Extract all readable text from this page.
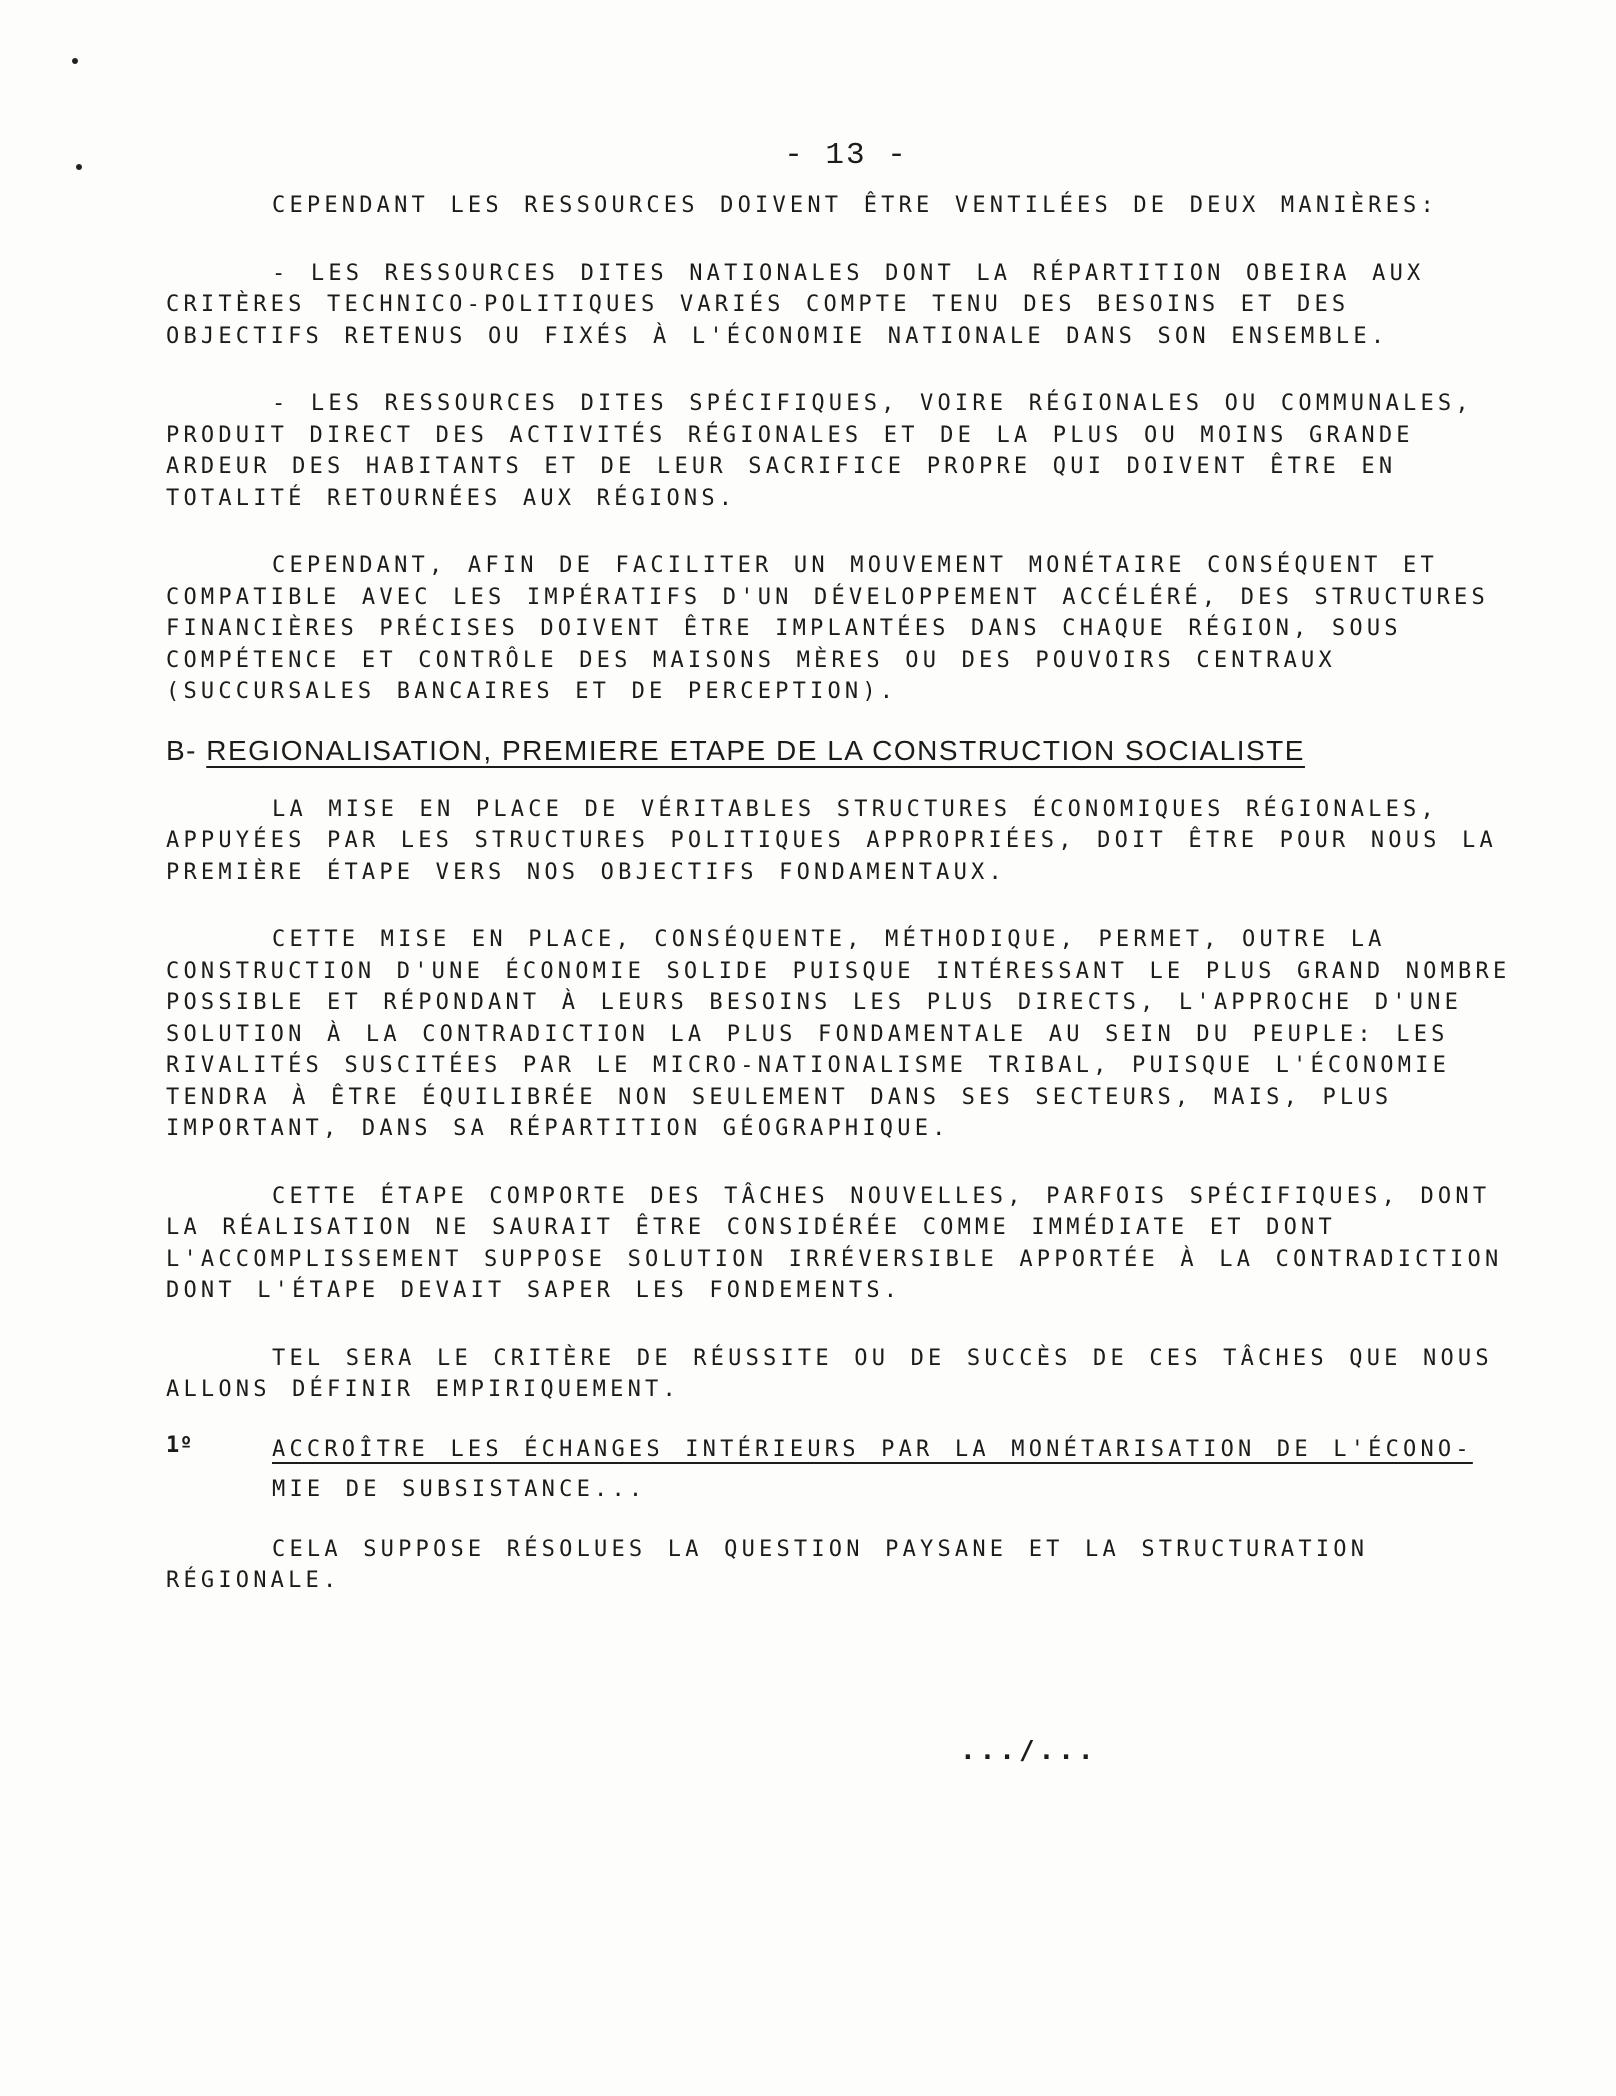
- 13 -

CEPENDANT LES RESSOURCES DOIVENT ÊTRE VENTILÉES DE DEUX MANIÈRES:

- LES RESSOURCES DITES NATIONALES DONT LA RÉPARTITION OBEIRA AUX CRITÈRES TECHNICO-POLITIQUES VARIÉS COMPTE TENU DES BESOINS ET DES OBJECTIFS RETENUS OU FIXÉS À L'ÉCONOMIE NATIONALE DANS SON ENSEMBLE.

- LES RESSOURCES DITES SPÉCIFIQUES, VOIRE RÉGIONALES OU COMMUNALES, PRODUIT DIRECT DES ACTIVITÉS RÉGIONALES ET DE LA PLUS OU MOINS GRANDE ARDEUR DES HABITANTS ET DE LEUR SACRIFICE PROPRE QUI DOIVENT ÊTRE EN TOTALITÉ RETOURNÉES AUX RÉGIONS.

CEPENDANT, AFIN DE FACILITER UN MOUVEMENT MONÉTAIRE CONSÉQUENT ET COMPATIBLE AVEC LES IMPÉRATIFS D'UN DÉVELOPPEMENT ACCÉLÉRÉ, DES STRUCTURES FINANCIÈRES PRÉCISES DOIVENT ÊTRE IMPLANTÉES DANS CHAQUE RÉGION, SOUS COMPÉTENCE ET CONTRÔLE DES MAISONS MÈRES OU DES POUVOIRS CENTRAUX (SUCCURSALES BANCAIRES ET DE PERCEPTION).

B- REGIONALISATION, PREMIERE ETAPE DE LA CONSTRUCTION SOCIALISTE

LA MISE EN PLACE DE VÉRITABLES STRUCTURES ÉCONOMIQUES RÉGIONALES, APPUYÉES PAR LES STRUCTURES POLITIQUES APPROPRIÉES, DOIT ÊTRE POUR NOUS LA PREMIÈRE ÉTAPE VERS NOS OBJECTIFS FONDAMENTAUX.

CETTE MISE EN PLACE, CONSÉQUENTE, MÉTHODIQUE, PERMET, OUTRE LA CONSTRUCTION D'UNE ÉCONOMIE SOLIDE PUISQUE INTÉRESSANT LE PLUS GRAND NOMBRE POSSIBLE ET RÉPONDANT À LEURS BESOINS LES PLUS DIRECTS, L'APPROCHE D'UNE SOLUTION À LA CONTRADICTION LA PLUS FONDAMENTALE AU SEIN DU PEUPLE: LES RIVALITÉS SUSCITÉES PAR LE MICRO-NATIONALISME TRIBAL, PUISQUE L'ÉCONOMIE TENDRA À ÊTRE ÉQUILIBRÉE NON SEULEMENT DANS SES SECTEURS, MAIS, PLUS IMPORTANT, DANS SA RÉPARTITION GÉOGRAPHIQUE.

CETTE ÉTAPE COMPORTE DES TÂCHES NOUVELLES, PARFOIS SPÉCIFIQUES, DONT LA RÉALISATION NE SAURAIT ÊTRE CONSIDÉRÉE COMME IMMÉDIATE ET DONT L'ACCOMPLISSEMENT SUPPOSE SOLUTION IRRÉVERSIBLE APPORTÉE À LA CONTRADICTION DONT L'ÉTAPE DEVAIT SAPER LES FONDEMENTS.

TEL SERA LE CRITÈRE DE RÉUSSITE OU DE SUCCÈS DE CES TÂCHES QUE NOUS ALLONS DÉFINIR EMPIRIQUEMENT.

1º	ACCROÎTRE LES ÉCHANGES INTÉRIEURS PAR LA MONÉTARISATION DE L'ÉCONO-

MIE DE SUBSISTANCE...

CELA SUPPOSE RÉSOLUES LA QUESTION PAYSANE ET LA STRUCTURATION RÉGIONALE.

.../...
